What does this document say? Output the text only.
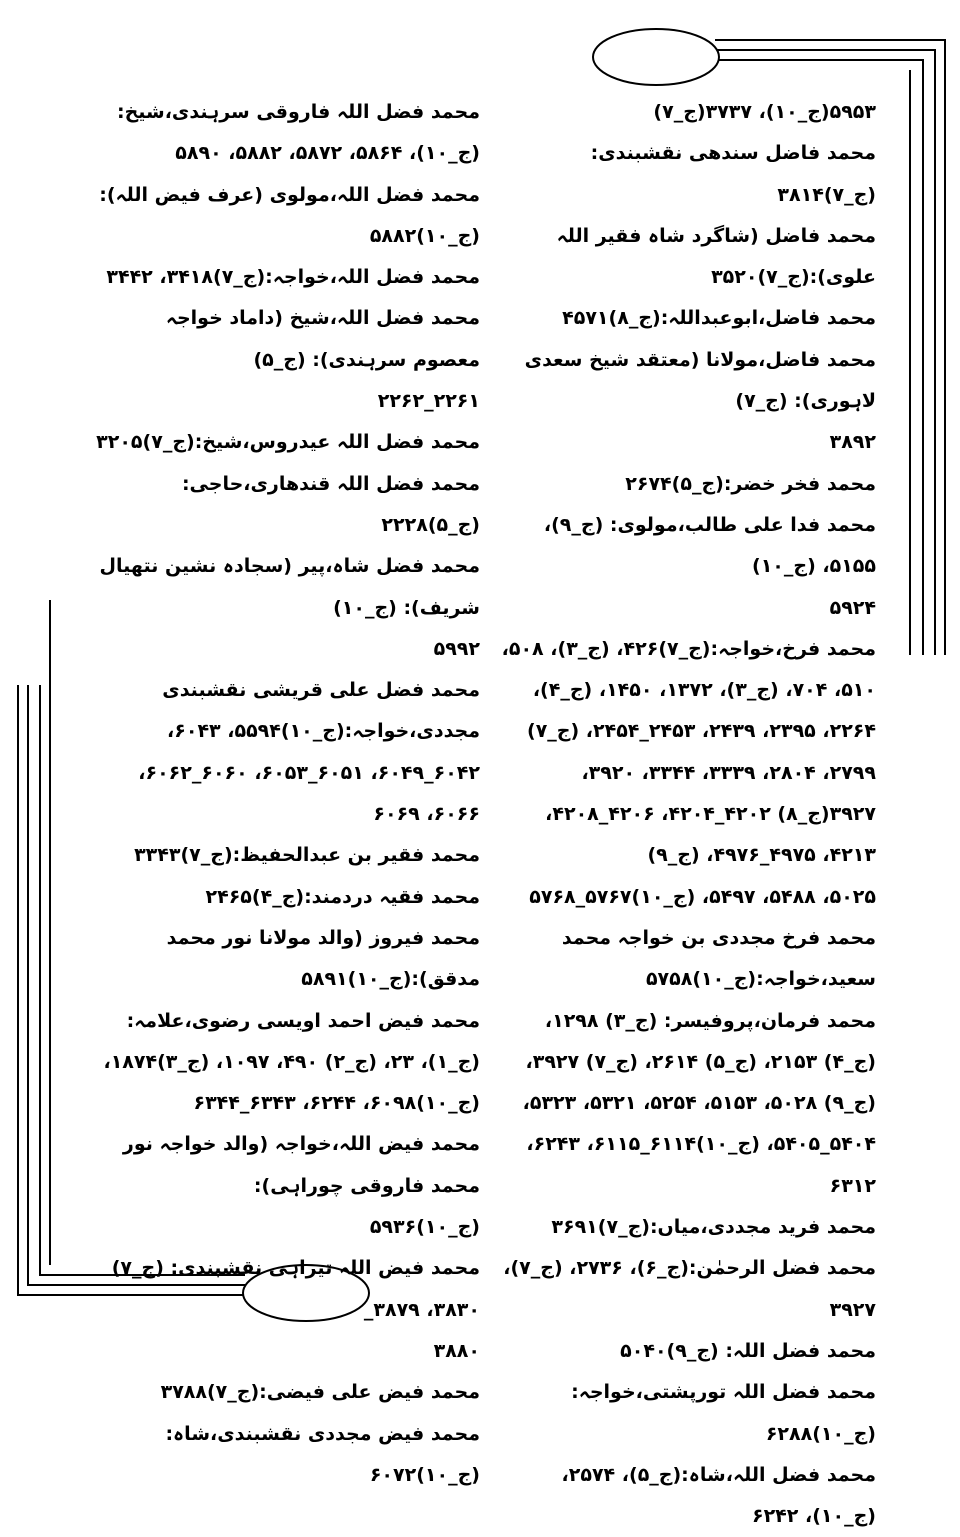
۵۹۵۳(ج_۱۰)، ۳۷۳۷(ج_۷)

محمد فاضل سندھی نقشبندی:(ج_۷)۳۸۱۴

محمد فاضل (شاگرد شاہ فقیر اللہ علوی):(ج_۷)۳۵۲۰

محمد فاضل،ابوعبداللہ:(ج_۸)۴۵۷۱

محمد فاضل،مولانا (معتقد شیخ سعدی لاہوری): (ج_۷)
۳۸۹۲

محمد فخر خضر:(ج_۵)۲۶۷۴

محمد فدا علی طالب،مولوی: (ج_۹)، ۵۱۵۵، (ج_۱۰)
۵۹۲۴

محمد فرخ،خواجہ:(ج_۷)۴۲۶، (ج_۳)، ۵۰۸، ۵۱۰، ۷۰۴، (ج_۳)، ۱۳۷۲، ۱۴۵۰، (ج_۴)، ۲۲۶۴، ۲۳۹۵، ۲۴۳۹، ۲۴۵۳_۲۴۵۴، (ج_۷) ۲۷۹۹، ۲۸۰۴، ۳۳۳۹، ۳۳۴۴، ۳۹۲۰، ۳۹۲۷(ج_۸) ۴۲۰۲_۴۲۰۴، ۴۲۰۶_۴۲۰۸، ۴۲۱۳، ۴۹۷۵_۴۹۷۶، (ج_۹)
۵۰۲۵، ۵۴۸۸، ۵۴۹۷، (ج_۱۰)۵۷۶۷_۵۷۶۸

محمد فرخ مجددی بن خواجہ محمد سعید،خواجہ:(ج_۱۰)۵۷۵۸

محمد فرمان،پروفیسر: (ج_۳) ۱۲۹۸، (ج_۴) ۲۱۵۳، (ج_۵) ۲۶۱۴، (ج_۷) ۳۹۲۷، (ج_۹) ۵۰۲۸، ۵۱۵۳، ۵۲۵۴، ۵۳۲۱، ۵۳۲۳، ۵۴۰۴_۵۴۰۵، (ج_۱۰)۶۱۱۴_۶۱۱۵، ۶۲۴۳، ۶۳۱۲

محمد فرید مجددی،میاں:(ج_۷)۳۶۹۱

محمد فضل الرحمٰن:(ج_۶)، ۲۷۳۶، (ج_۷)، ۳۹۲۷

محمد فضل اللہ: (ج_۹)۵۰۴۰

محمد فضل اللہ تورپشتی،خواجہ:(ج_۱۰)۶۲۸۸

محمد فضل اللہ،شاہ:(ج_۵)، ۲۵۷۴، (ج_۱۰)، ۶۲۴۲

محمد فضل اللہ فاروقی سرہندی،شیخ: (ج_۱۰)، ۵۸۶۴، ۵۸۷۲، ۵۸۸۲، ۵۸۹۰

محمد فضل اللہ،مولوی (عرف فیض اللہ):(ج_۱۰)۵۸۸۲

محمد فضل اللہ،خواجہ:(ج_۷)۳۴۱۸، ۳۴۴۲

محمد فضل اللہ،شیخ (داماد خواجہ معصوم سرہندی): (ج_۵)
۲۲۶۱_۲۲۶۲

محمد فضل اللہ عیدروس،شیخ:(ج_۷)۳۲۰۵

محمد فضل اللہ قندھاری،حاجی:(ج_۵)۲۲۲۸

محمد فضل شاہ،پیر (سجادہ نشین نتھیال شریف): (ج_۱۰)
۵۹۹۲

محمد فضل علی قریشی نقشبندی مجددی،خواجہ:(ج_۱۰)۵۵۹۴، ۶۰۴۳، ۶۰۴۲_۶۰۴۹، ۶۰۵۱_۶۰۵۳، ۶۰۶۰_۶۰۶۲، ۶۰۶۶، ۶۰۶۹

محمد فقیر بن عبدالحفیظ:(ج_۷)۳۳۴۳

محمد فقیہ دردمند:(ج_۴)۲۴۶۵

محمد فیروز (والد مولانا نور محمد مدقق):(ج_۱۰)۵۸۹۱

محمد فیض احمد اویسی رضوی،علامہ: (ج_۱)، ۲۳، (ج_۲) ۴۹۰، ۱۰۹۷، (ج_۳)۱۸۷۴، (ج_۱۰)۶۰۹۸، ۶۲۴۴، ۶۳۴۳_۶۳۴۴

محمد فیض اللہ،خواجہ (والد خواجہ نور محمد فاروقی چوراہی):
(ج_۱۰)۵۹۳۶

محمد فیض اللہ تیراہی نقشبندی: (ج_۷) ۳۸۳۰، ۳۸۷۹_
۳۸۸۰

محمد فیض علی فیضی:(ج_۷)۳۷۸۸

محمد فیض مجددی نقشبندی،شاہ:(ج_۱۰)۶۰۷۲
